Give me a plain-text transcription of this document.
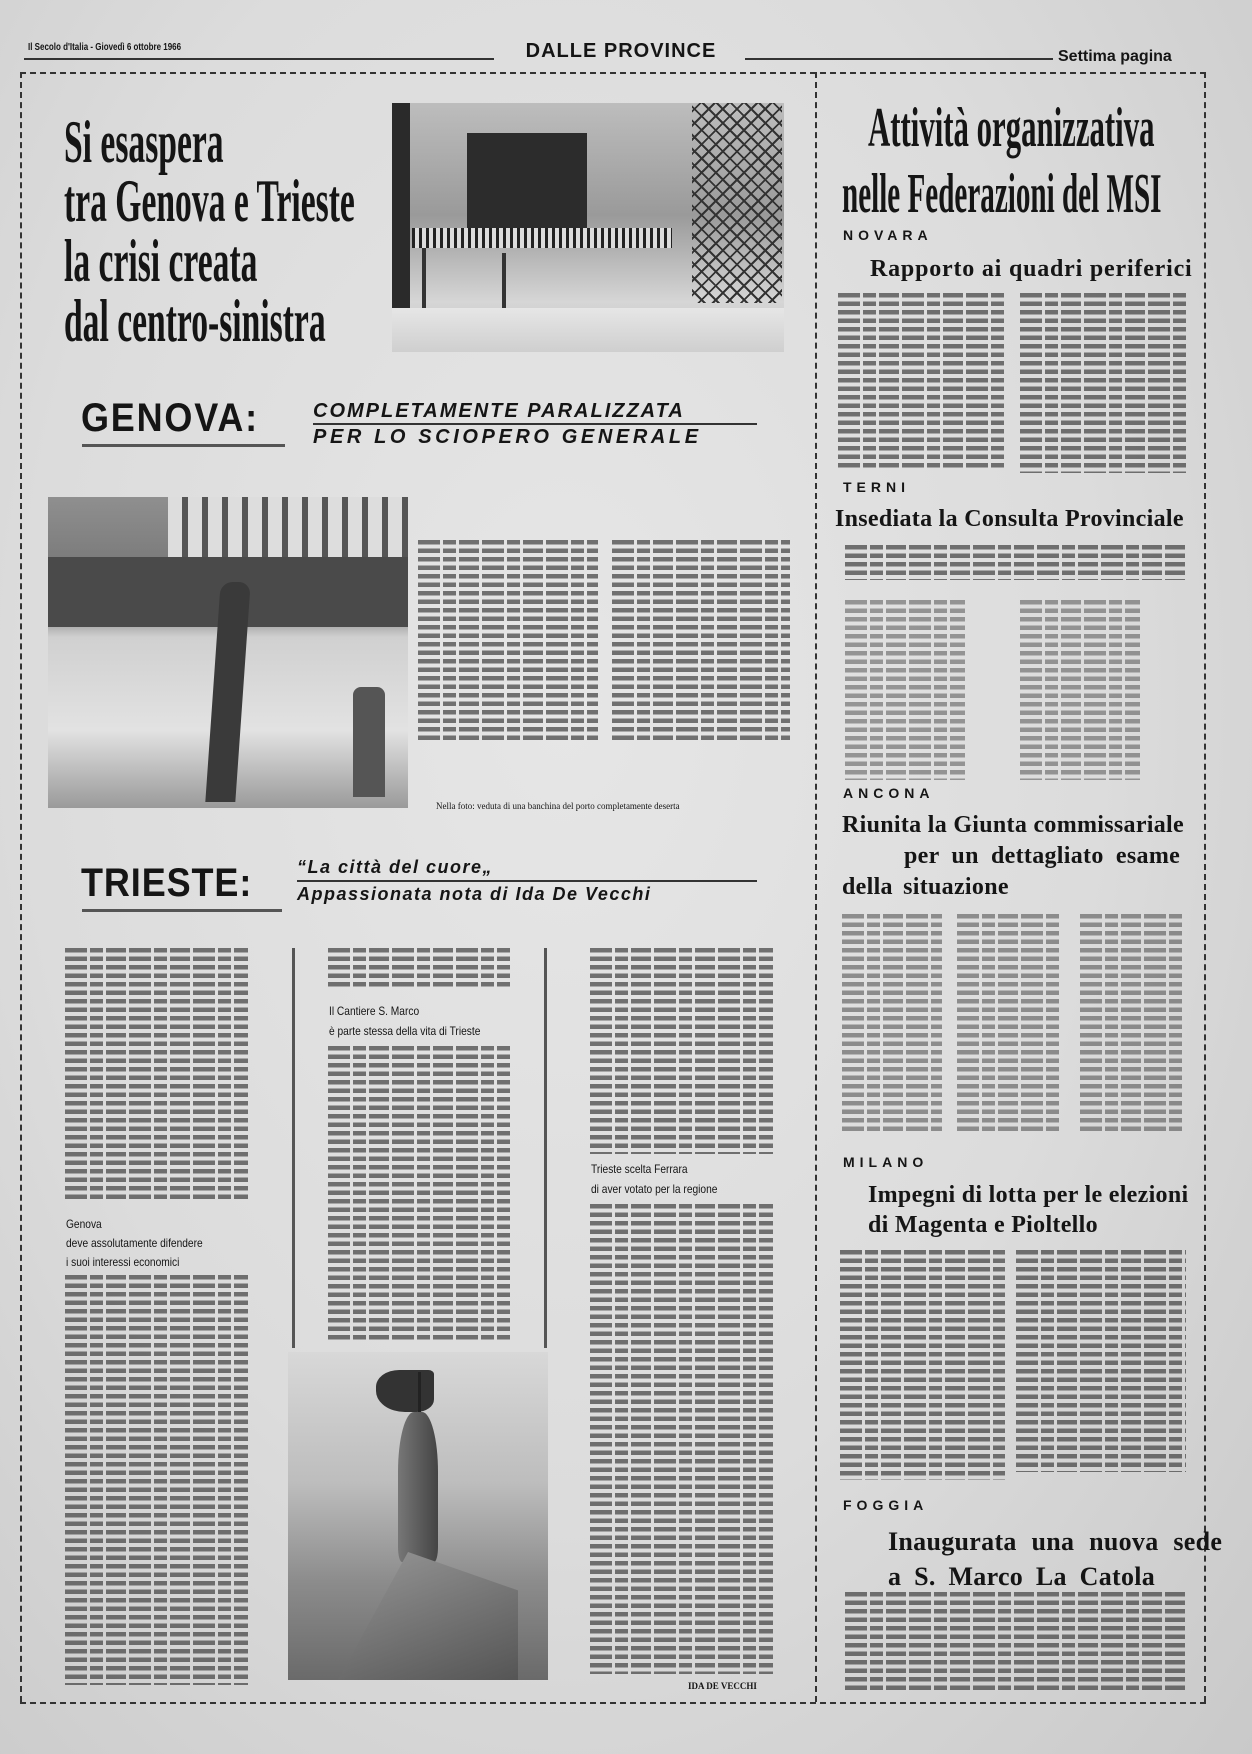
Il Secolo d'Italia - Giovedì 6 ottobre 1966	DALLE PROVINCE	Settima pagina
Si esaspera
tra Genova e Trieste
la crisi creata
dal centro-sinistra
GENOVA:	COMPLETAMENTE PARALIZZATA
PER LO SCIOPERO GENERALE
Nella foto: veduta di una banchina del porto completamente deserta
TRIESTE: “La città del cuore„
Appassionata nota di Ida De Vecchi
Genova
deve assolutamente difendere
i suoi interessi economici
Il Cantiere S. Marco
è parte stessa della vita di Trieste
Trieste scelta Ferrara
di aver votato per la regione
IDA DE VECCHI
Attività organizzativa
nelle Federazioni del MSI
NOVARA
Rapporto ai quadri periferici
TERNI
Insediata la Consulta Provinciale
ANCONA
Riunita la Giunta commissariale
per un dettagliato esame
della situazione
MILANO
Impegni di lotta per le elezioni
di Magenta e Pioltello
FOGGIA
Inaugurata una nuova sede
a S. Marco La Catola
